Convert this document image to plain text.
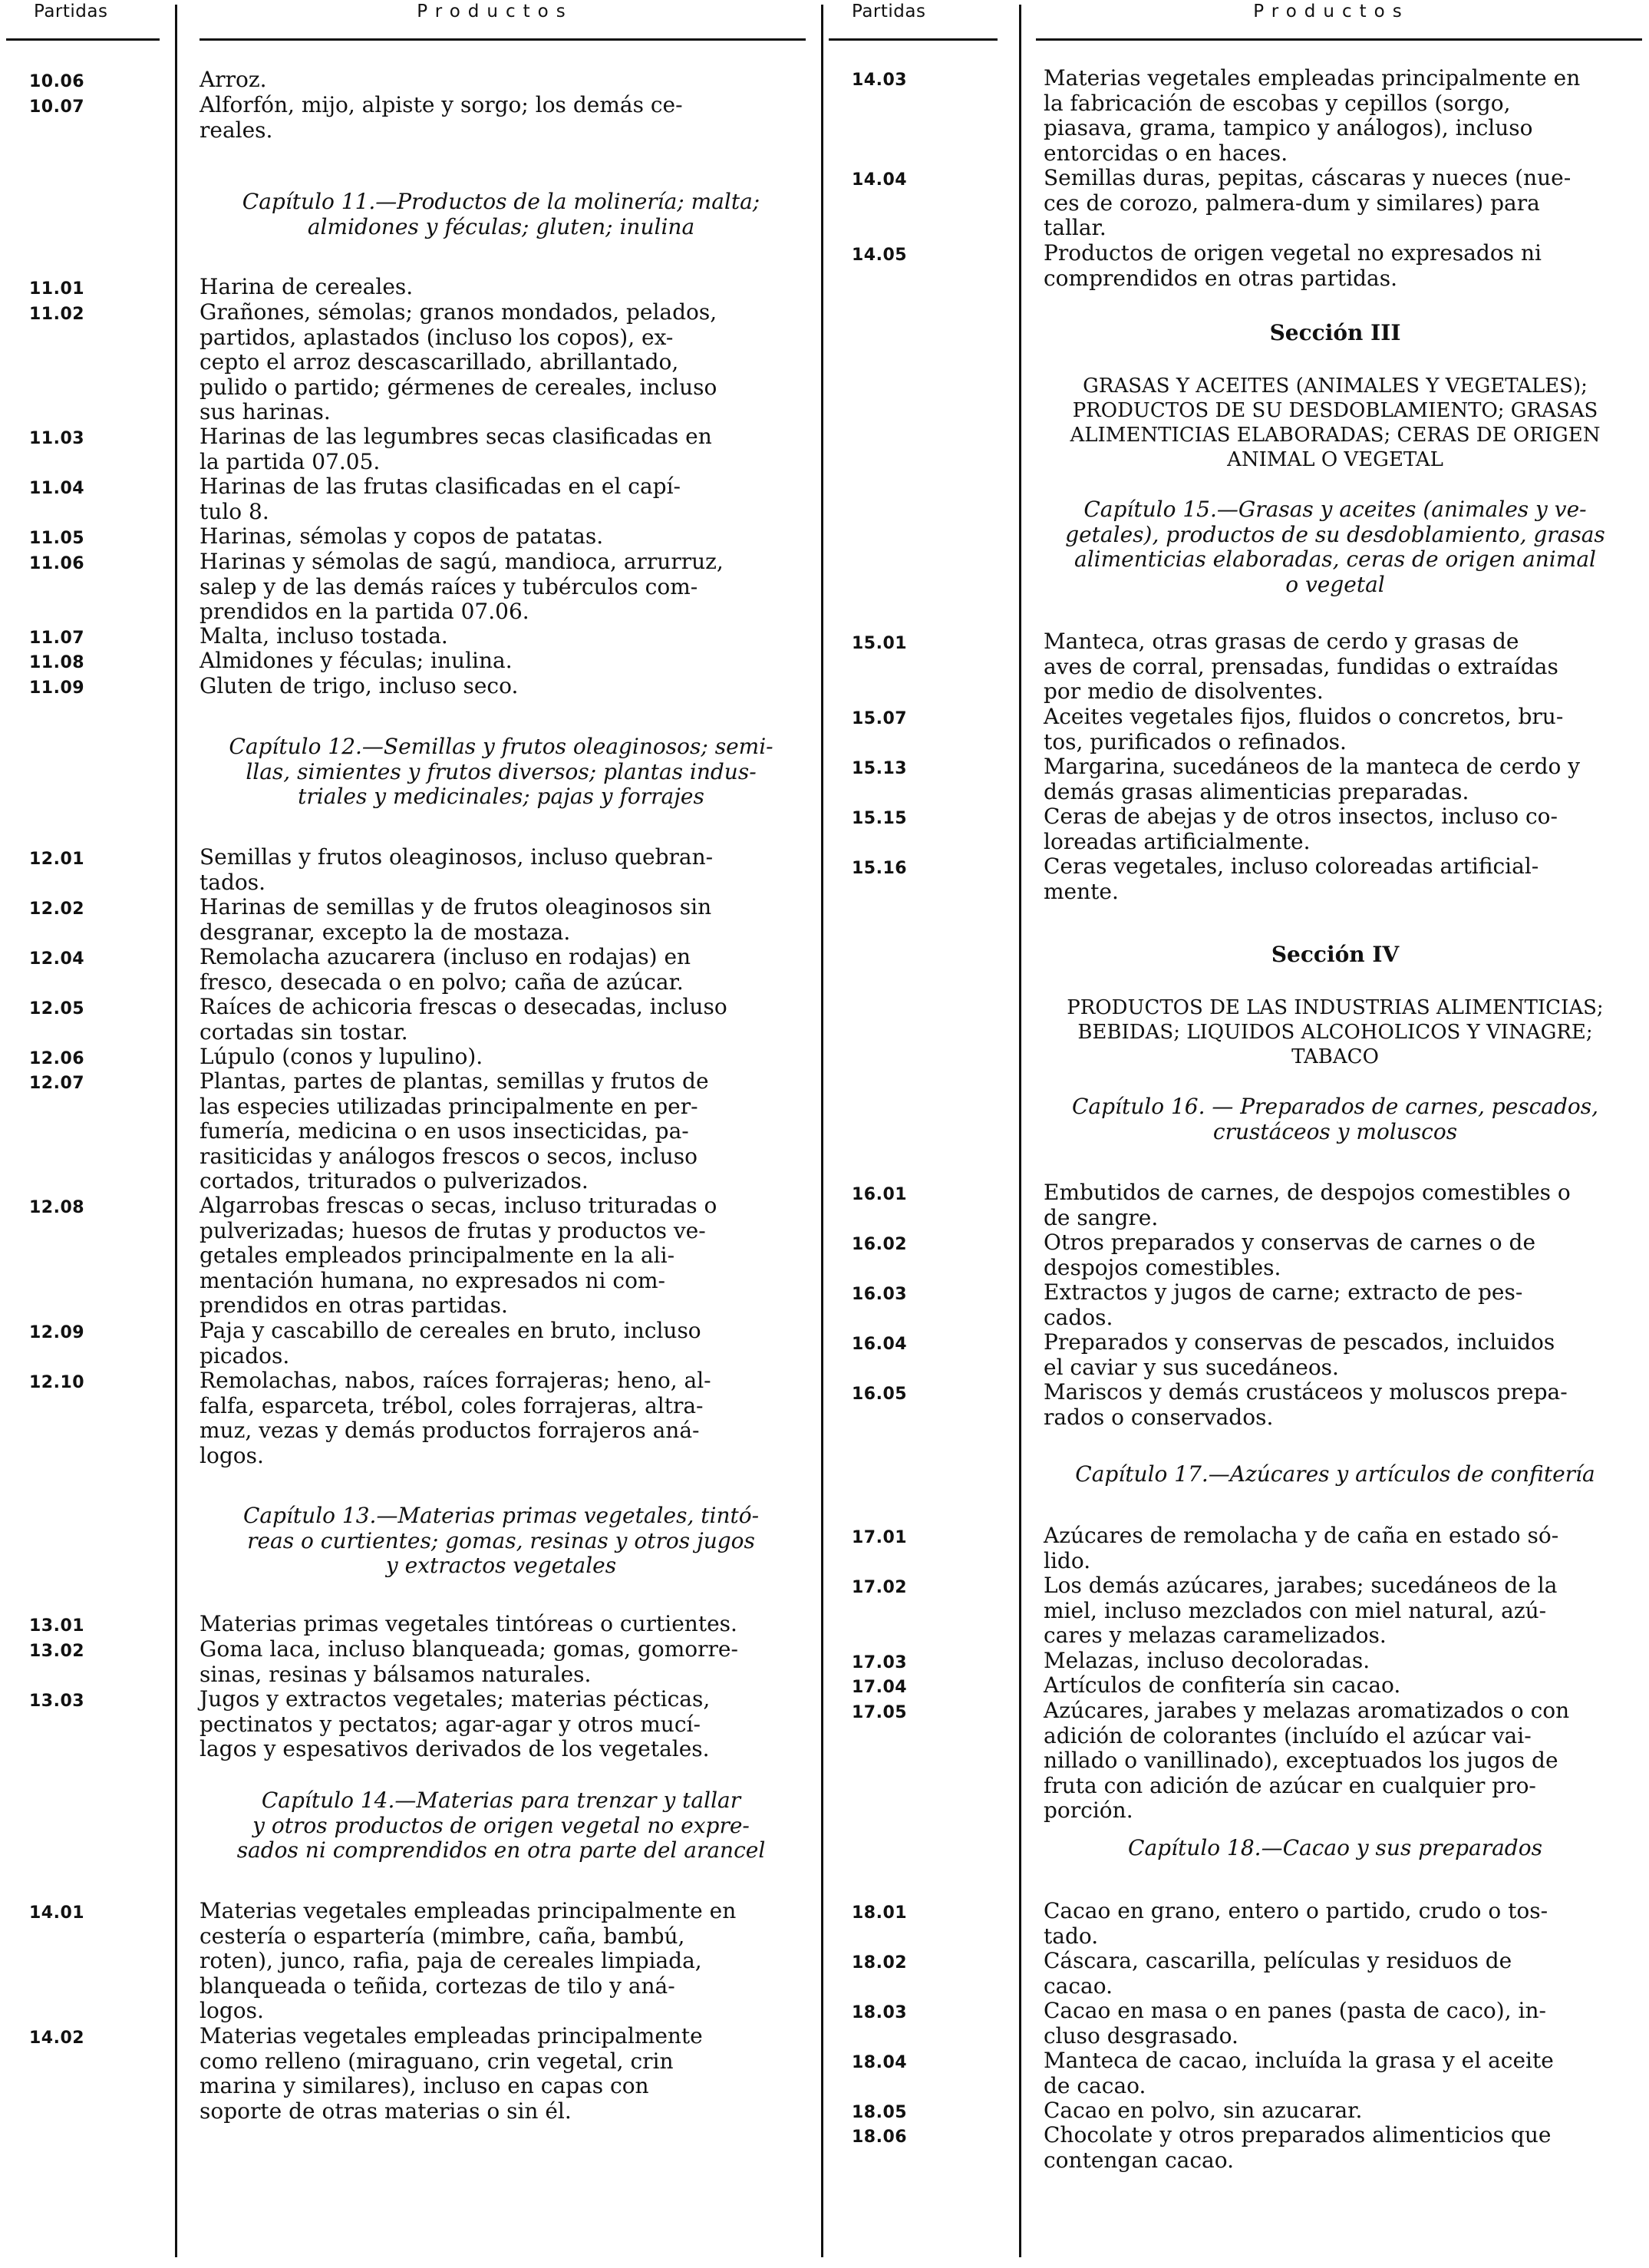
Partidas	Productos	Partidas	Productos
10.06	Arroz.
10.07	Alforfón, mijo, alpiste y sorgo; los demás ce-
reales.
Capítulo 11.—Productos de la molinería; malta;
almidones y féculas; gluten; inulina
11.01	Harina de cereales.
11.02	Grañones, sémolas; granos mondados, pelados,
partidos, aplastados (incluso los copos), ex-
cepto el arroz descascarillado, abrillantado,
pulido o partido; gérmenes de cereales, incluso
sus harinas.
11.03	Harinas de las legumbres secas clasificadas en
la partida 07.05.
11.04	Harinas de las frutas clasificadas en el capí-
tulo 8.
11.05	Harinas, sémolas y copos de patatas.
11.06	Harinas y sémolas de sagú, mandioca, arrurruz,
salep y de las demás raíces y tubérculos com-
prendidos en la partida 07.06.
11.07	Malta, incluso tostada.
11.08	Almidones y féculas; inulina.
11.09	Gluten de trigo, incluso seco.
Capítulo 12.—Semillas y frutos oleaginosos; semi-
llas, simientes y frutos diversos; plantas indus-
triales y medicinales; pajas y forrajes
12.01	Semillas y frutos oleaginosos, incluso quebran-
tados.
12.02	Harinas de semillas y de frutos oleaginosos sin
desgranar, excepto la de mostaza.
12.04	Remolacha azucarera (incluso en rodajas) en
fresco, desecada o en polvo; caña de azúcar.
12.05	Raíces de achicoria frescas o desecadas, incluso
cortadas sin tostar.
12.06	Lúpulo (conos y lupulino).
12.07	Plantas, partes de plantas, semillas y frutos de
las especies utilizadas principalmente en per-
fumería, medicina o en usos insecticidas, pa-
rasiticidas y análogos frescos o secos, incluso
cortados, triturados o pulverizados.
12.08	Algarrobas frescas o secas, incluso trituradas o
pulverizadas; huesos de frutas y productos ve-
getales empleados principalmente en la ali-
mentación humana, no expresados ni com-
prendidos en otras partidas.
12.09	Paja y cascabillo de cereales en bruto, incluso
picados.
12.10	Remolachas, nabos, raíces forrajeras; heno, al-
falfa, esparceta, trébol, coles forrajeras, altra-
muz, vezas y demás productos forrajeros aná-
logos.
Capítulo 13.—Materias primas vegetales, tintó-
reas o curtientes; gomas, resinas y otros jugos
y extractos vegetales
13.01	Materias primas vegetales tintóreas o curtientes.
13.02	Goma laca, incluso blanqueada; gomas, gomorre-
sinas, resinas y bálsamos naturales.
13.03	Jugos y extractos vegetales; materias pécticas,
pectinatos y pectatos; agar-agar y otros mucí-
lagos y espesativos derivados de los vegetales.
Capítulo 14.—Materias para trenzar y tallar
y otros productos de origen vegetal no expre-
sados ni comprendidos en otra parte del arancel
14.01	Materias vegetales empleadas principalmente en
cestería o espartería (mimbre, caña, bambú,
roten), junco, rafia, paja de cereales limpiada,
blanqueada o teñida, cortezas de tilo y aná-
logos.
14.02	Materias vegetales empleadas principalmente
como relleno (miraguano, crin vegetal, crin
marina y similares), incluso en capas con
soporte de otras materias o sin él.
14.03	Materias vegetales empleadas principalmente en
la fabricación de escobas y cepillos (sorgo,
piasava, grama, tampico y análogos), incluso
entorcidas o en haces.
14.04	Semillas duras, pepitas, cáscaras y nueces (nue-
ces de corozo, palmera-dum y similares) para
tallar.
14.05	Productos de origen vegetal no expresados ni
comprendidos en otras partidas.
Sección III
GRASAS Y ACEITES (ANIMALES Y VEGETALES);
PRODUCTOS DE SU DESDOBLAMIENTO; GRASAS
ALIMENTICIAS ELABORADAS; CERAS DE ORIGEN
ANIMAL O VEGETAL
Capítulo 15.—Grasas y aceites (animales y ve-
getales), productos de su desdoblamiento, grasas
alimenticias elaboradas, ceras de origen animal
o vegetal
15.01	Manteca, otras grasas de cerdo y grasas de
aves de corral, prensadas, fundidas o extraídas
por medio de disolventes.
15.07	Aceites vegetales fijos, fluidos o concretos, bru-
tos, purificados o refinados.
15.13	Margarina, sucedáneos de la manteca de cerdo y
demás grasas alimenticias preparadas.
15.15	Ceras de abejas y de otros insectos, incluso co-
loreadas artificialmente.
15.16	Ceras vegetales, incluso coloreadas artificial-
mente.
Sección IV
PRODUCTOS DE LAS INDUSTRIAS ALIMENTICIAS;
BEBIDAS; LIQUIDOS ALCOHOLICOS Y VINAGRE;
TABACO
Capítulo 16. — Preparados de carnes, pescados,
crustáceos y moluscos
16.01	Embutidos de carnes, de despojos comestibles o
de sangre.
16.02	Otros preparados y conservas de carnes o de
despojos comestibles.
16.03	Extractos y jugos de carne; extracto de pes-
cados.
16.04	Preparados y conservas de pescados, incluidos
el caviar y sus sucedáneos.
16.05	Mariscos y demás crustáceos y moluscos prepa-
rados o conservados.
Capítulo 17.—Azúcares y artículos de confitería
17.01	Azúcares de remolacha y de caña en estado só-
lido.
17.02	Los demás azúcares, jarabes; sucedáneos de la
miel, incluso mezclados con miel natural, azú-
cares y melazas caramelizados.
17.03	Melazas, incluso decoloradas.
17.04	Artículos de confitería sin cacao.
17.05	Azúcares, jarabes y melazas aromatizados o con
adición de colorantes (incluído el azúcar vai-
nillado o vanillinado), exceptuados los jugos de
fruta con adición de azúcar en cualquier pro-
porción.
Capítulo 18.—Cacao y sus preparados
18.01	Cacao en grano, entero o partido, crudo o tos-
tado.
18.02	Cáscara, cascarilla, películas y residuos de
cacao.
18.03	Cacao en masa o en panes (pasta de caco), in-
cluso desgrasado.
18.04	Manteca de cacao, incluída la grasa y el aceite
de cacao.
18.05	Cacao en polvo, sin azucarar.
18.06	Chocolate y otros preparados alimenticios que
contengan cacao.
